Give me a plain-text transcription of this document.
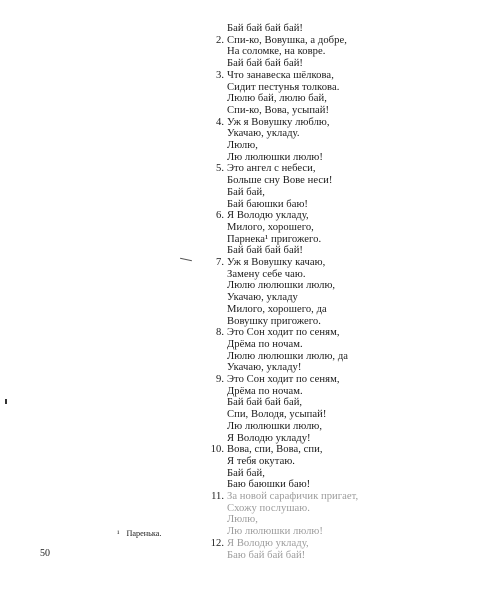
Бай бай бай бай!
2. Спи-ко, Вовушка, а добре,
На соломке, на ковре.
Бай бай бай бай!
3. Что занавеска шёлкова,
Сидит пестунья толкова.
Люлю бай, люлю бай,
Спи-ко, Вова, усыпай!
4. Уж я Вовушку люблю,
Укачаю, укладу.
Люлю,
Лю люлюшки люлю!
5. Это ангел с небеси,
Больше сну Вове неси!
Бай бай,
Бай баюшки баю!
6. Я Володю укладу,
Милого, хорошего,
Парнека¹ пригожего.
Бай бай бай бай!
7. Уж я Вовушку качаю,
Замену себе чаю.
Люлю люлюшки люлю,
Укачаю, укладу
Милого, хорошего, да
Вовушку пригожего.
8. Это Сон ходит по сеням,
Дрёма по ночам.
Люлю люлюшки люлю, да
Укачаю, укладу!
9. Это Сон ходит по сеням,
Дрёма по ночам.
Бай бай бай бай,
Спи, Володя, усыпай!
Лю люлюшки люлю,
Я Володю укладу!
10. Вова, спи, Вова, спи,
Я тебя окутаю.
Бай бай,
Баю баюшки баю!
11. За новой сарафичик пригает,
Схожу послушаю.
Люлю,
Лю люлюшки люлю!
12. Я Володю укладу,
Баю бай бай бай!
¹ Паренька.
50
